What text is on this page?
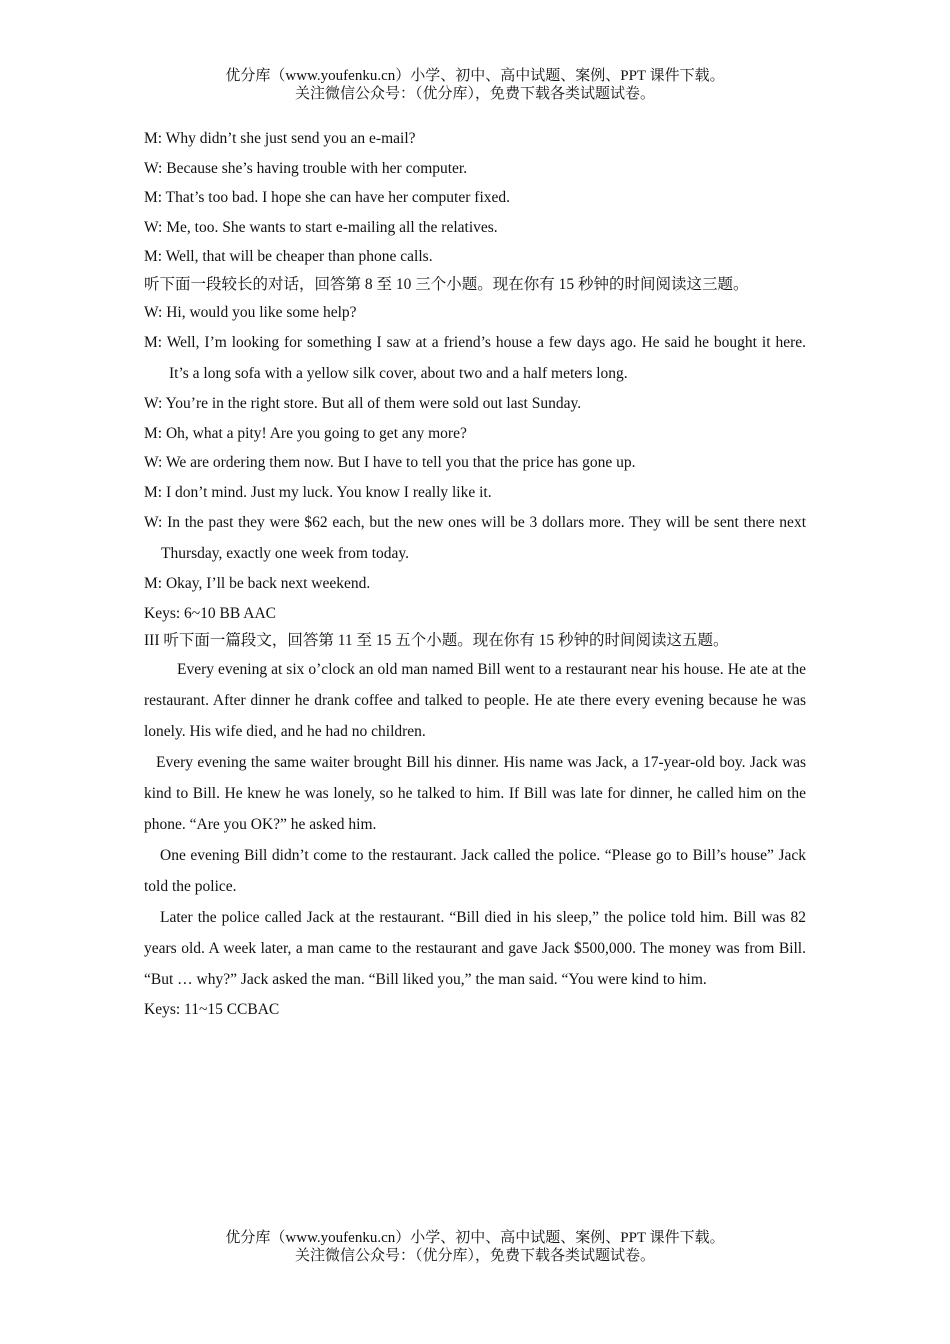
优分库（www.youfenku.cn）小学、初中、高中试题、案例、PPT 课件下载。
关注微信公众号：（优分库），免费下载各类试题试卷。

M: Why didn’t she just send you an e-mail?

W: Because she’s having trouble with her computer.

M: That’s too bad. I hope she can have her computer fixed.

W: Me, too. She wants to start e-mailing all the relatives.

M: Well, that will be cheaper than phone calls.

听下面一段较长的对话，回答第 8 至 10 三个小题。现在你有 15 秒钟的时间阅读这三题。

W: Hi, would you like some help?

M: Well, I’m looking for something I saw at a friend’s house a few days ago. He said he bought it here. It’s a long sofa with a yellow silk cover, about two and a half meters long.

W: You’re in the right store. But all of them were sold out last Sunday.

M: Oh, what a pity! Are you going to get any more?

W: We are ordering them now. But I have to tell you that the price has gone up.

M: I don’t mind. Just my luck. You know I really like it.

W: In the past they were $62 each, but the new ones will be 3 dollars more. They will be sent there next Thursday, exactly one week from today.

M: Okay, I’ll be back next weekend.

Keys: 6~10 BB AAC

III 听下面一篇段文，回答第 11 至 15 五个小题。现在你有 15 秒钟的时间阅读这五题。

Every evening at six o’clock an old man named Bill went to a restaurant near his house. He ate at the restaurant. After dinner he drank coffee and talked to people. He ate there every evening because he was lonely. His wife died, and he had no children.

Every evening the same waiter brought Bill his dinner. His name was Jack, a 17-year-old boy. Jack was kind to Bill. He knew he was lonely, so he talked to him. If Bill was late for dinner, he called him on the phone. “Are you OK?” he asked him.

One evening Bill didn’t come to the restaurant. Jack called the police. “Please go to Bill’s house” Jack told the police.

Later the police called Jack at the restaurant. “Bill died in his sleep,” the police told him. Bill was 82 years old. A week later, a man came to the restaurant and gave Jack $500,000. The money was from Bill. “But … why?” Jack asked the man. “Bill liked you,” the man said. “You were kind to him.

Keys: 11~15 CCBAC

优分库（www.youfenku.cn）小学、初中、高中试题、案例、PPT 课件下载。
关注微信公众号：（优分库），免费下载各类试题试卷。
